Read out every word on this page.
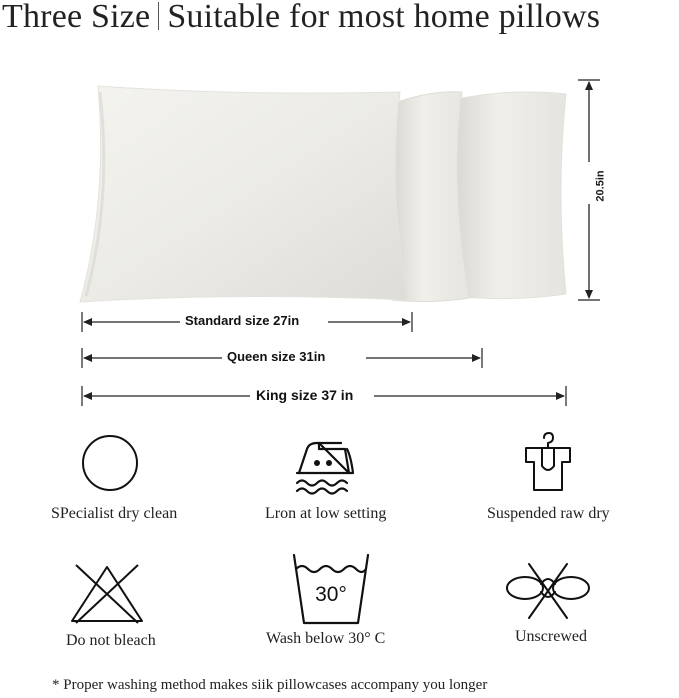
Three Size Suitable for most home pillows
20.5in
Standard size 27in
Queen size 31in
King size 37 in
SPecialist dry clean	Lron at low setting	Suspended raw dry
Do not bleach
30°
Wash below 30° C	Unscrewed
* Proper washing method makes siik pillowcases accompany you longer
